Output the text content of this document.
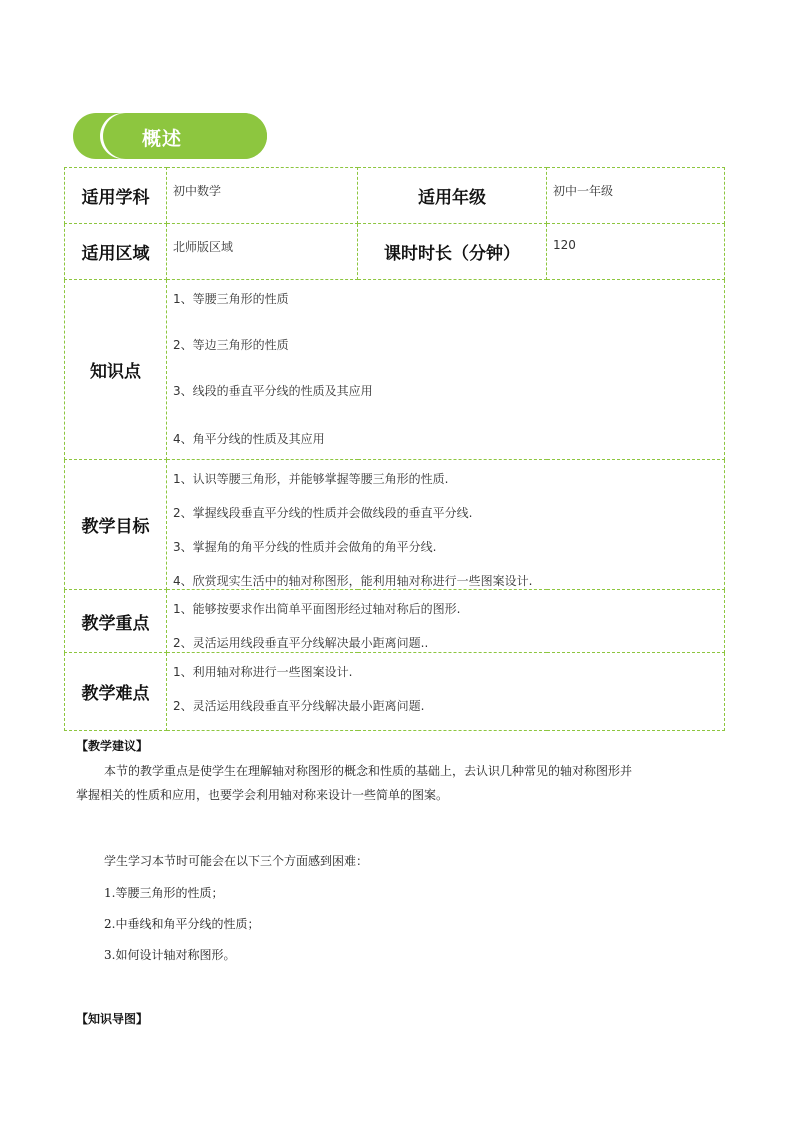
概述
适用学科	初中数学	适用年级	初中一年级
适用区域	北师版区域	课时时长（分钟）	120
知识点	1、等腰三角形的性质
2、等边三角形的性质
3、线段的垂直平分线的性质及其应用
4、角平分线的性质及其应用		

教学目标	1、认识等腰三角形，并能够掌握等腰三角形的性质.
2、掌握线段垂直平分线的性质并会做线段的垂直平分线.
3、掌握角的角平分线的性质并会做角的角平分线.
4、欣赏现实生活中的轴对称图形，能利用轴对称进行一些图案设计.		

教学重点	1、能够按要求作出简单平面图形经过轴对称后的图形.
2、灵活运用线段垂直平分线解决最小距离问题..		

教学难点	1、利用轴对称进行一些图案设计.
2、灵活运用线段垂直平分线解决最小距离问题.		
【教学建议】
本节的教学重点是使学生在理解轴对称图形的概念和性质的基础上，去认识几种常见的轴对称图形并
掌握相关的性质和应用，也要学会利用轴对称来设计一些简单的图案。
学生学习本节时可能会在以下三个方面感到困难：
1.等腰三角形的性质；
2.中垂线和角平分线的性质；
3.如何设计轴对称图形。
【知识导图】
